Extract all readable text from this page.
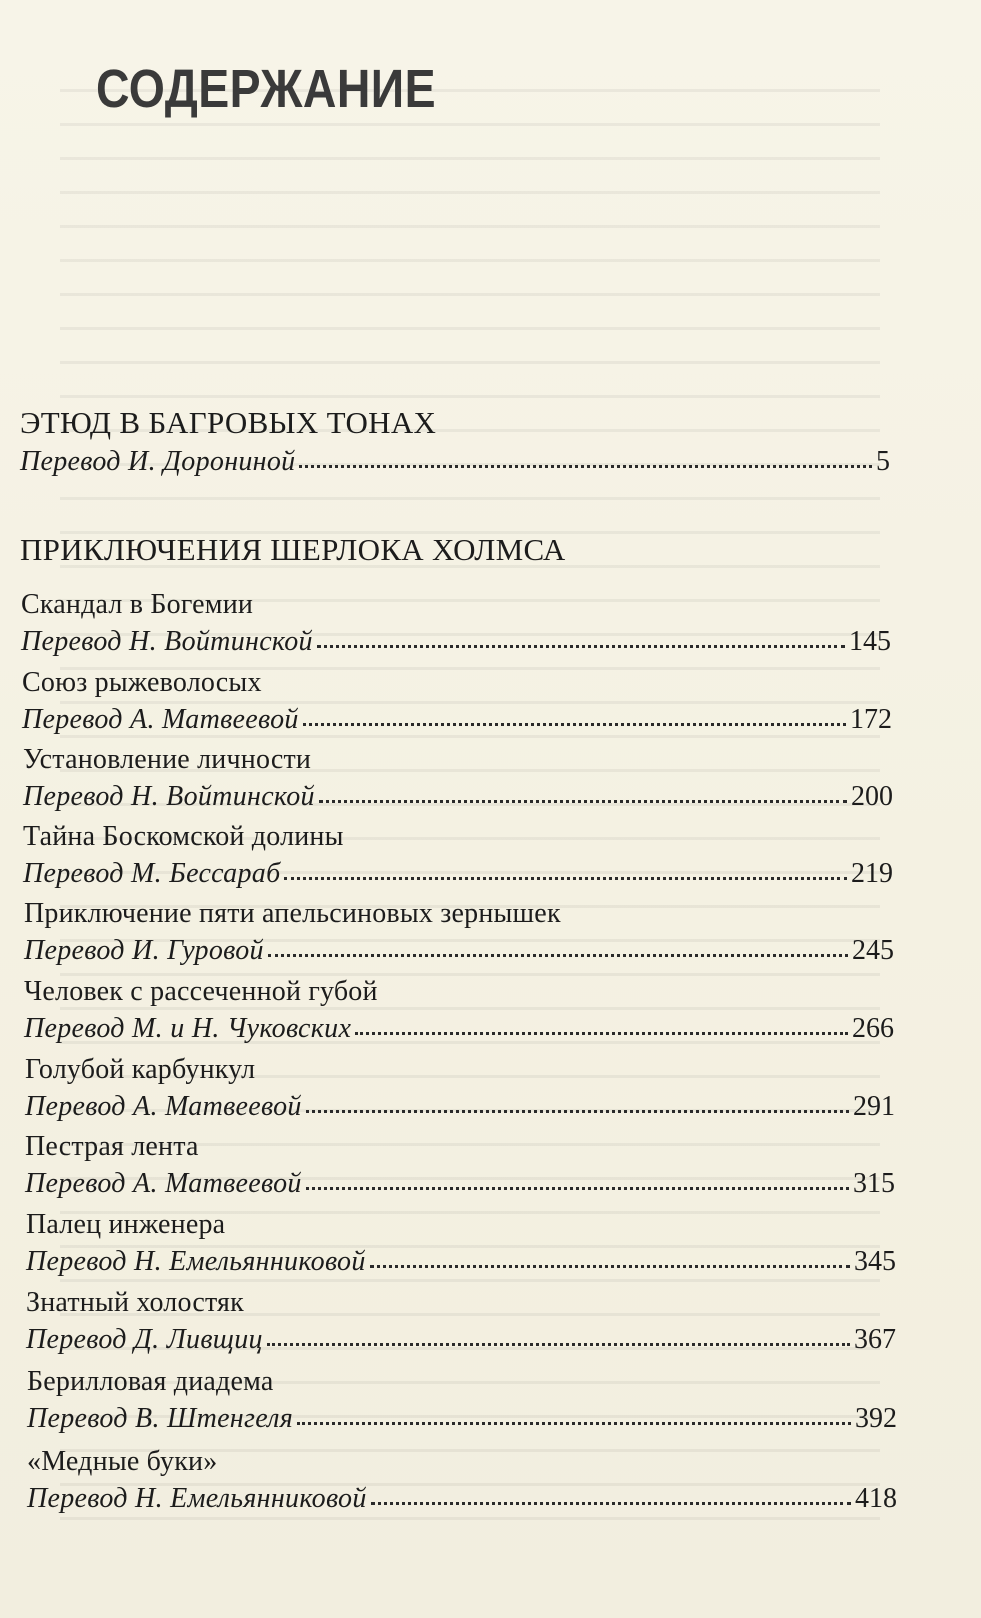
СОДЕРЖАНИЕ
ЭТЮД В БАГРОВЫХ ТОНАХ
Перевод И. Дорониной	5
ПРИКЛЮЧЕНИЯ ШЕРЛОКА ХОЛМСА
Скандал в Богемии
Перевод Н. Войтинской	145
Союз рыжеволосых
Перевод А. Матвеевой	172
Установление личности
Перевод Н. Войтинской	200
Тайна Боскомской долины
Перевод М. Бессараб	219
Приключение пяти апельсиновых зернышек
Перевод И. Гуровой	245
Человек с рассеченной губой
Перевод М. и Н. Чуковских	266
Голубой карбункул
Перевод А. Матвеевой	291
Пестрая лента
Перевод А. Матвеевой	315
Палец инженера
Перевод Н. Емельянниковой	345
Знатный холостяк
Перевод Д. Ливщиц	367
Берилловая диадема
Перевод В. Штенгеля	392
«Медные буки»
Перевод Н. Емельянниковой	418
